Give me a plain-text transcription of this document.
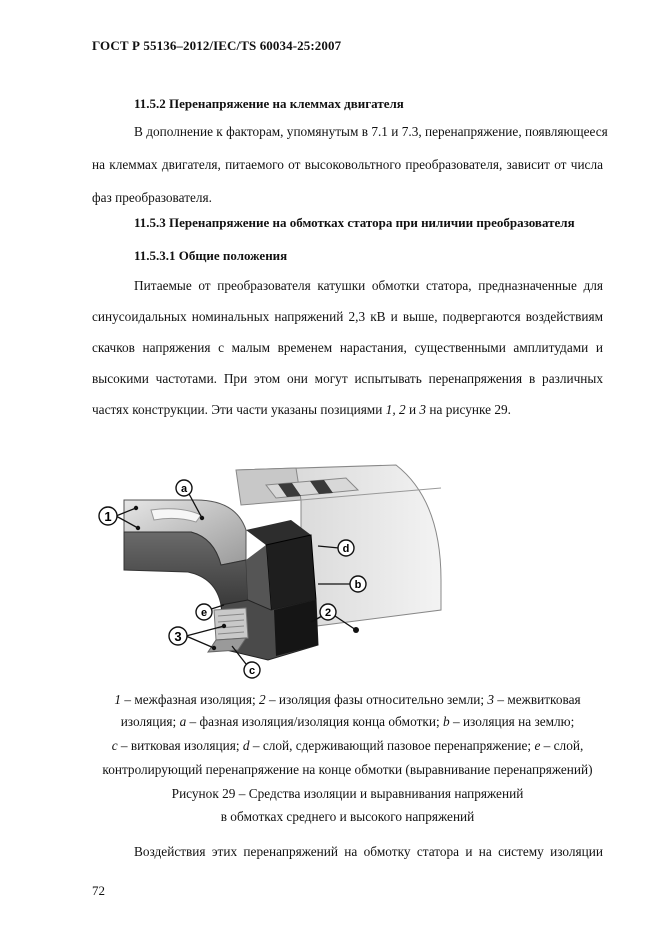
ГОСТ Р 55136–2012/IEC/TS 60034-25:2007
11.5.2 Перенапряжение на клеммах двигателя
В дополнение к факторам, упомянутым в 7.1 и 7.3, перенапряжение, появляющееся
на клеммах двигателя, питаемого от высоковольтного преобразователя, зависит от числа
фаз преобразователя.
11.5.3 Перенапряжение на обмотках статора при ниличии преобразователя
11.5.3.1 Общие положения
Питаемые от преобразователя катушки обмотки статора, предназначенные для
синусоидальных номинальных напряжений 2,3 кВ и выше, подвергаются воздействиям
скачков напряжения с малым временем нарастания, существенными амплитудами и
высокими частотами. При этом они могут испытывать перенапряжения в различных
частях конструкции. Эти части указаны позициями 1, 2 и 3 на рисунке 29.
1
a
d
b
e	2
3
c
1 – межфазная изоляция; 2 – изоляция фазы относительно земли; 3 – межвитковая
изоляция; a – фазная изоляция/изоляция конца обмотки; b – изоляция на землю;
c – витковая изоляция; d – слой, сдерживающий пазовое перенапряжение; e – слой,
контролирующий перенапряжение на конце обмотки (выравнивание перенапряжений)
Рисунок 29 – Средства изоляции и выравнивания напряжений
в обмотках среднего и высокого напряжений
Воздействия этих перенапряжений на обмотку статора и на систему изоляции
72
